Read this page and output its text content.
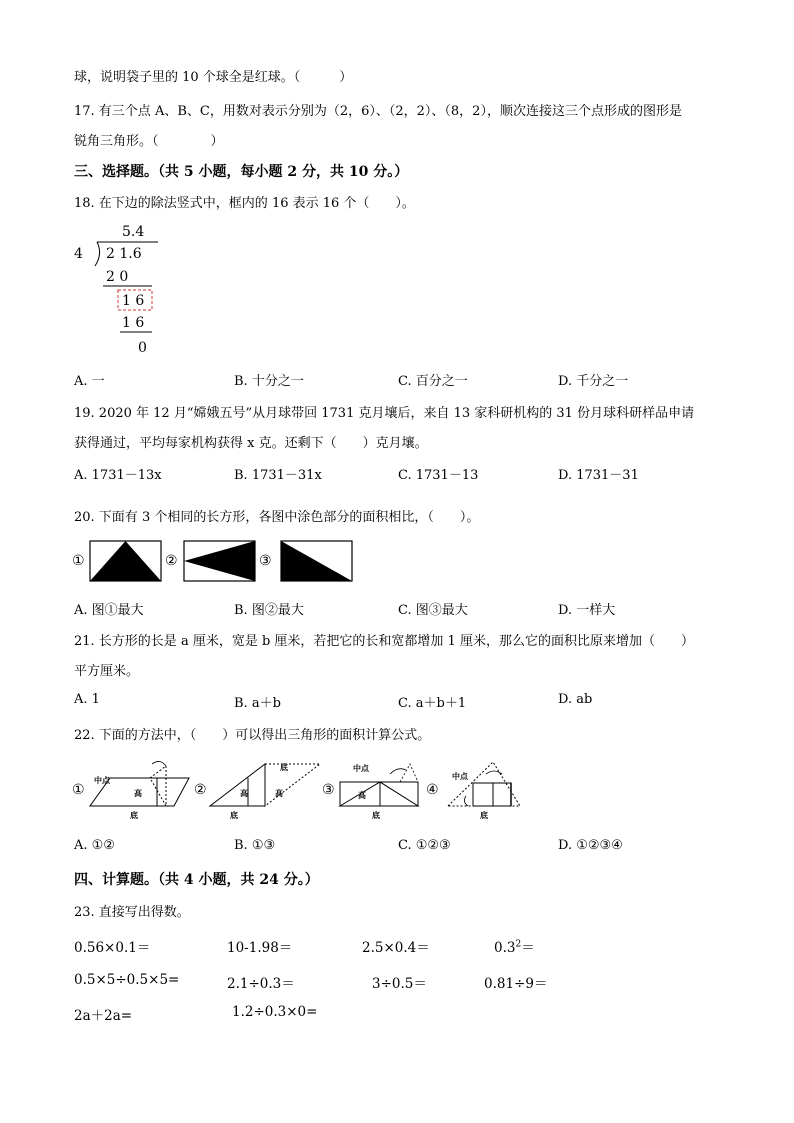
球，说明袋子里的 10 个球全是红球。（　　　）
17. 有三个点 A、B、C，用数对表示分别为（2，6）、（2，2）、（8，2），顺次连接这三个点形成的图形是
锐角三角形。（　　　　）
三、选择题。（共 5 小题，每小题 2 分，共 10 分。）
18. 在下边的除法竖式中，框内的 16 表示 16 个（　　）。
5.4
4 2 1.6
2 0
1 6
1 6
0
A. 一	B. 十分之一	C. 百分之一	D. 千分之一
19. 2020 年 12 月“嫦娥五号”从月球带回 1731 克月壤后，来自 13 家科研机构的 31 份月球科研样品申请
获得通过，平均每家机构获得 x 克。还剩下（　　）克月壤。
A. 1731－13x	B. 1731－31x	C. 1731－13	D. 1731－31
20. 下面有 3 个相同的长方形，各图中涂色部分的面积相比，（　　）。
①	②	③
A. 图①最大	B. 图②最大	C. 图③最大	D. 一样大
21. 长方形的长是 a 厘米，宽是 b 厘米，若把它的长和宽都增加 1 厘米，那么它的面积比原来增加（　　）
平方厘米。
A. 1	B. a＋b	C. a＋b＋1	D. ab
22. 下面的方法中，（　　）可以得出三角形的面积计算公式。
①
中点
高
底
②	高	高
底
底
③
中点
高
底
④
中点
底
A. ①②	B. ①③	C. ①②③	D. ①②③④
四、计算题。（共 4 小题，共 24 分。）
23. 直接写出得数。
0.56×0.1＝	10-1.98＝	2.5×0.4＝	$0.3^2=$
0.5×5÷0.5×5=	2.1÷0.3＝	3÷0.5＝	0.81÷9＝
2a＋2a=	1.2÷0.3×0=
